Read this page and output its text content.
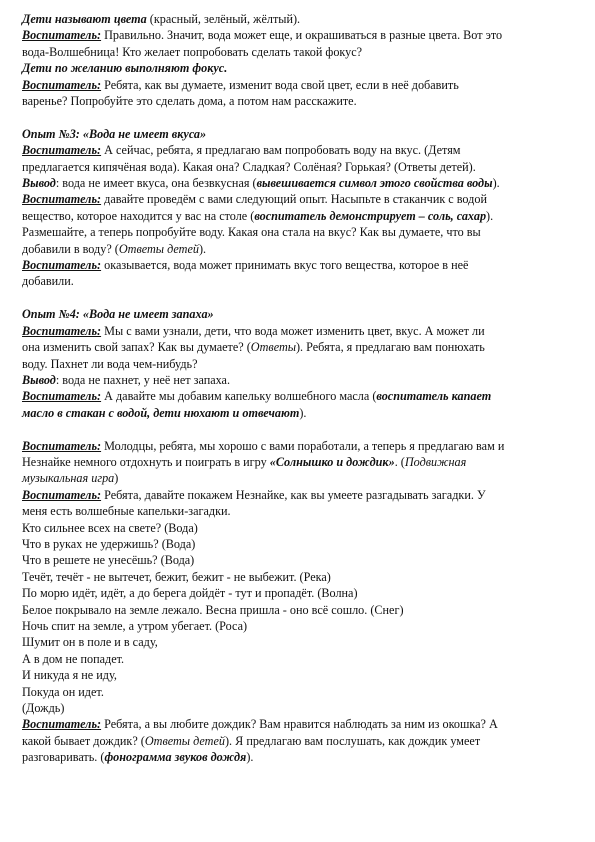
Дети называют цвета (красный, зелёный, жёлтый).
Воспитатель: Правильно. Значит, вода может еще, и окрашиваться в разные цвета. Вот это
вода-Волшебница! Кто желает попробовать сделать такой фокус?
Дети по желанию выполняют фокус.
Воспитатель: Ребята, как вы думаете, изменит вода свой цвет, если в неё добавить
варенье? Попробуйте это сделать дома, а потом нам расскажите.
Опыт №3: «Вода не имеет вкуса»
Воспитатель: А сейчас, ребята, я предлагаю вам попробовать воду на вкус. (Детям
предлагается кипячёная вода). Какая она? Сладкая? Солёная? Горькая? (Ответы детей).
Вывод: вода не имеет вкуса, она безвкусная (вывешивается символ этого свойства воды).
Воспитатель: давайте проведём с вами следующий опыт. Насыпьте в стаканчик с водой
вещество, которое находится у вас на столе (воспитатель демонстрирует – соль, сахар).
Размешайте, а теперь попробуйте воду. Какая она стала на вкус? Как вы думаете, что вы
добавили в воду? (Ответы детей).
Воспитатель: оказывается, вода может принимать вкус того вещества, которое в неё
добавили.
Опыт №4: «Вода не имеет запаха»
Воспитатель: Мы с вами узнали, дети, что вода может изменить цвет, вкус. А может ли
она изменить свой запах? Как вы думаете? (Ответы). Ребята, я предлагаю вам понюхать
воду. Пахнет ли вода чем-нибудь?
Вывод: вода не пахнет, у неё нет запаха.
Воспитатель: А давайте мы добавим капельку волшебного масла (воспитатель капает
масло в стакан с водой, дети нюхают и отвечают).
Воспитатель: Молодцы, ребята, мы хорошо с вами поработали, а теперь я предлагаю вам и
Незнайке немного отдохнуть и поиграть в игру «Солнышко и дождик». (Подвижная
музыкальная игра)
Воспитатель: Ребята, давайте покажем Незнайке, как вы умеете разгадывать загадки. У
меня есть волшебные капельки-загадки.
Кто сильнее всех на свете? (Вода)
Что в руках не удержишь? (Вода)
Что в решете не унесёшь? (Вода)
Течёт, течёт - не вытечет, бежит, бежит - не выбежит. (Река)
По морю идёт, идёт, а до берега дойдёт - тут и пропадёт. (Волна)
Белое покрывало на земле лежало. Весна пришла - оно всё сошло. (Снег)
Ночь спит на земле, а утром убегает. (Роса)
Шумит он в поле и в саду,
А в дом не попадет.
И никуда я не иду,
Покуда он идет.
(Дождь)
Воспитатель: Ребята, а вы любите дождик? Вам нравится наблюдать за ним из окошка? А
какой бывает дождик? (Ответы детей). Я предлагаю вам послушать, как дождик умеет
разговаривать. (фонограмма звуков дождя).
